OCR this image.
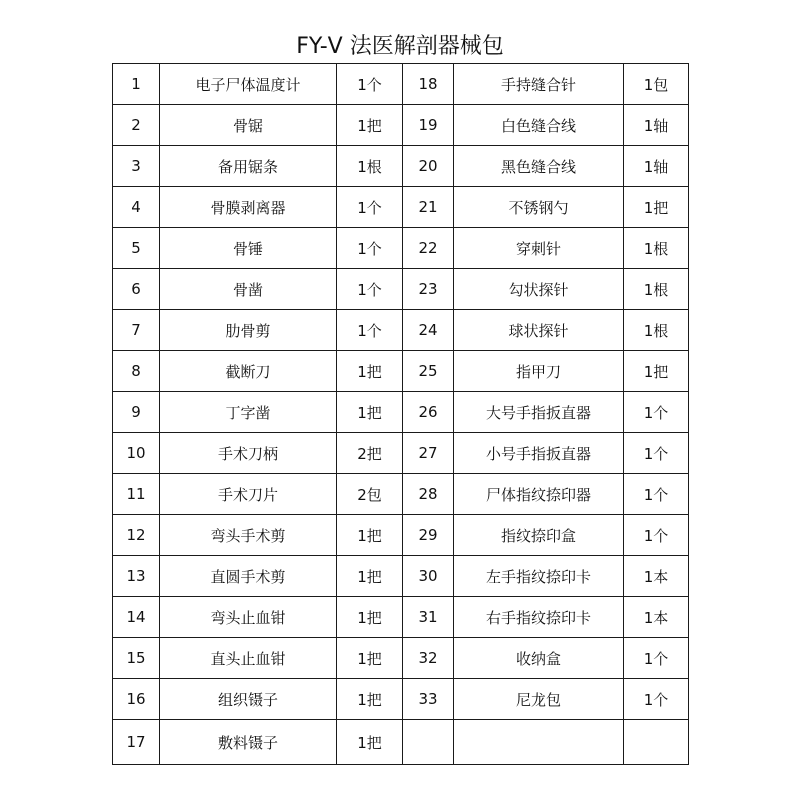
FY-Ⅴ 法医解剖器械包
1	电子尸体温度计	1个	18	手持缝合针	1包
2	骨锯	1把	19	白色缝合线	1轴
3	备用锯条	1根	20	黑色缝合线	1轴
4	骨膜剥离器	1个	21	不锈钢勺	1把
5	骨锤	1个	22	穿刺针	1根
6	骨凿	1个	23	勾状探针	1根
7	肋骨剪	1个	24	球状探针	1根
8	截断刀	1把	25	指甲刀	1把
9	丁字凿	1把	26	大号手指扳直器	1个
10	手术刀柄	2把	27	小号手指扳直器	1个
11	手术刀片	2包	28	尸体指纹捺印器	1个
12	弯头手术剪	1把	29	指纹捺印盒	1个
13	直圆手术剪	1把	30	左手指纹捺印卡	1本
14	弯头止血钳	1把	31	右手指纹捺印卡	1本
15	直头止血钳	1把	32	收纳盒	1个
16	组织镊子	1把	33	尼龙包	1个
17	敷料镊子	1把			
